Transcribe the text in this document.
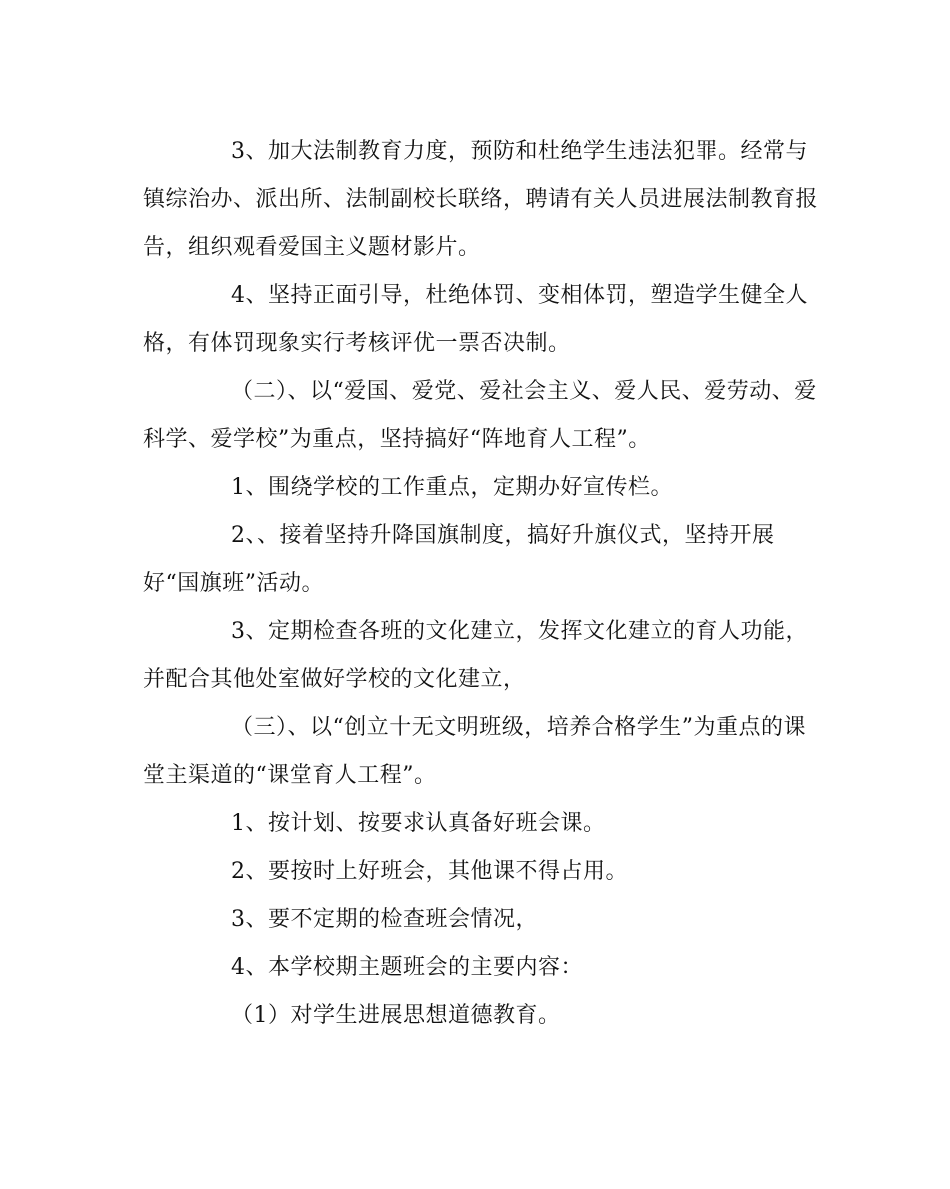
3、加大法制教育力度，预防和杜绝学生违法犯罪。经常与镇综治办、派出所、法制副校长联络，聘请有关人员进展法制教育报告，组织观看爱国主义题材影片。

4、坚持正面引导，杜绝体罚、变相体罚，塑造学生健全人格，有体罚现象实行考核评优一票否决制。

（二）、以“爱国、爱党、爱社会主义、爱人民、爱劳动、爱科学、爱学校”为重点，坚持搞好“阵地育人工程”。

1、围绕学校的工作重点，定期办好宣传栏。

2、、接着坚持升降国旗制度，搞好升旗仪式，坚持开展好“国旗班”活动。

3、定期检查各班的文化建立，发挥文化建立的育人功能，并配合其他处室做好学校的文化建立，

（三）、以“创立十无文明班级，培养合格学生”为重点的课堂主渠道的“课堂育人工程”。

1、按计划、按要求认真备好班会课。

2、要按时上好班会，其他课不得占用。

3、要不定期的检查班会情况，

4、本学校期主题班会的主要内容：

（1）对学生进展思想道德教育。
